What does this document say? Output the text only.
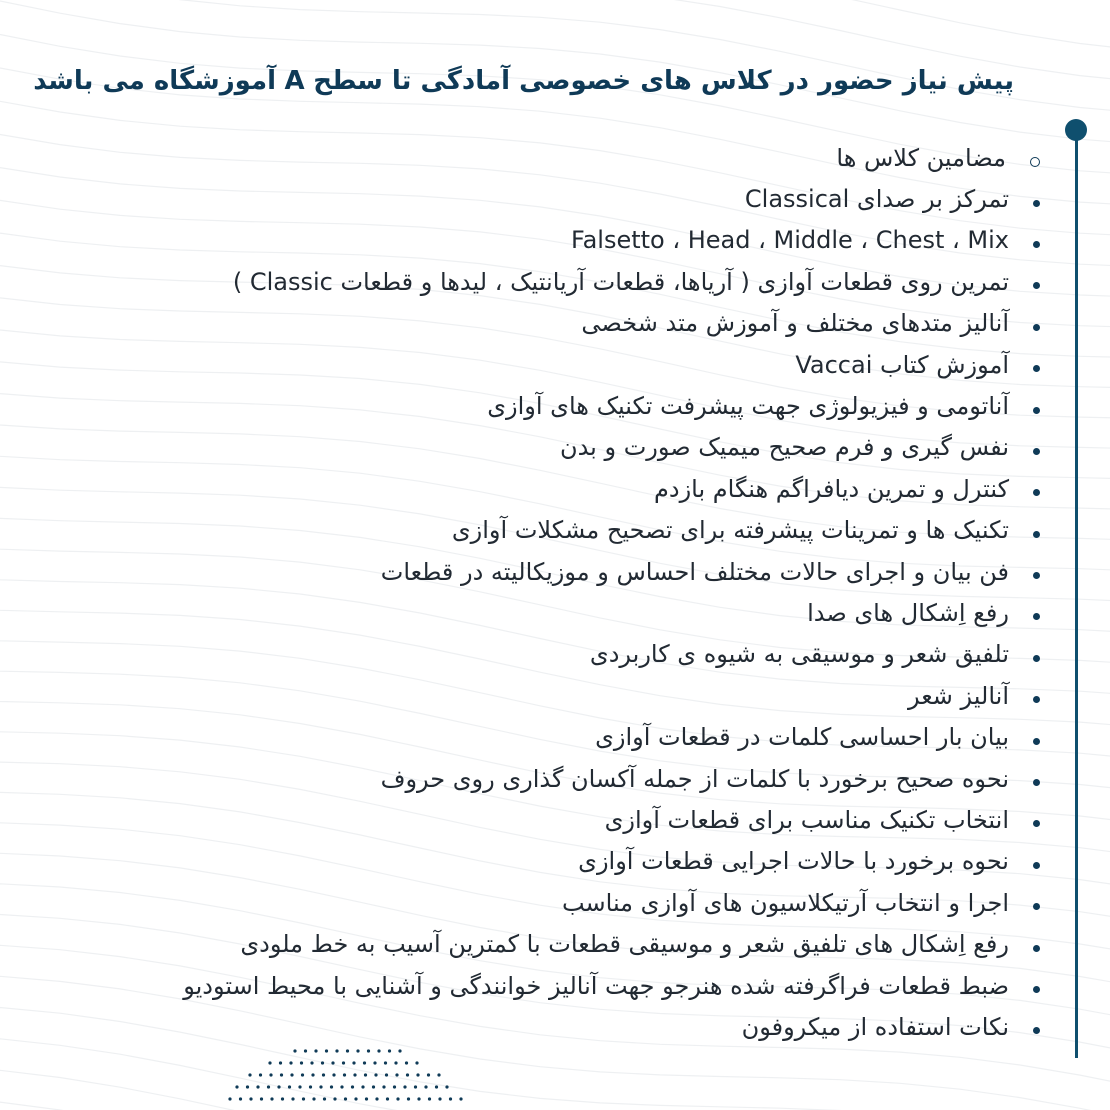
پیش نیاز حضور در کلاس های خصوصی آمادگی تا سطح A آموزشگاه می باشد
مضامین کلاس ها
تمرکز بر صدای Classical
Falsetto ، Head ، Middle ، Chest ، Mix
تمرین روی قطعات آوازی ( آریاها، قطعات آریانتیک ، لیدها و قطعات Classic )
آنالیز متدهای مختلف و آموزش متد شخصی
آموزش کتاب Vaccai
آناتومی و فیزیولوژی جهت پیشرفت تکنیک های آوازی
نفس گیری و فرم صحیح میمیک صورت و بدن
کنترل و تمرین دیافراگم هنگام بازدم
تکنیک ها و تمرینات پیشرفته برای تصحیح مشکلات آوازی
فن بیان و اجرای حالات مختلف احساس و موزیکالیته در قطعات
رفع اِشکال های صدا
تلفیق شعر و موسیقی به شیوه ی کاربردی
آنالیز شعر
بیان بار احساسی کلمات در قطعات آوازی
نحوه صحیح برخورد با کلمات از جمله آکسان گذاری روی حروف
انتخاب تکنیک مناسب برای قطعات آوازی
نحوه برخورد با حالات اجرایی قطعات آوازی
اجرا و انتخاب آرتیکلاسیون های آوازی مناسب
رفع اِشکال های تلفیق شعر و موسیقی قطعات با کمترین آسیب به خط ملودی
ضبط قطعات فراگرفته شده هنرجو جهت آنالیز خوانندگی و آشنایی با محیط استودیو
نکات استفاده از میکروفون
